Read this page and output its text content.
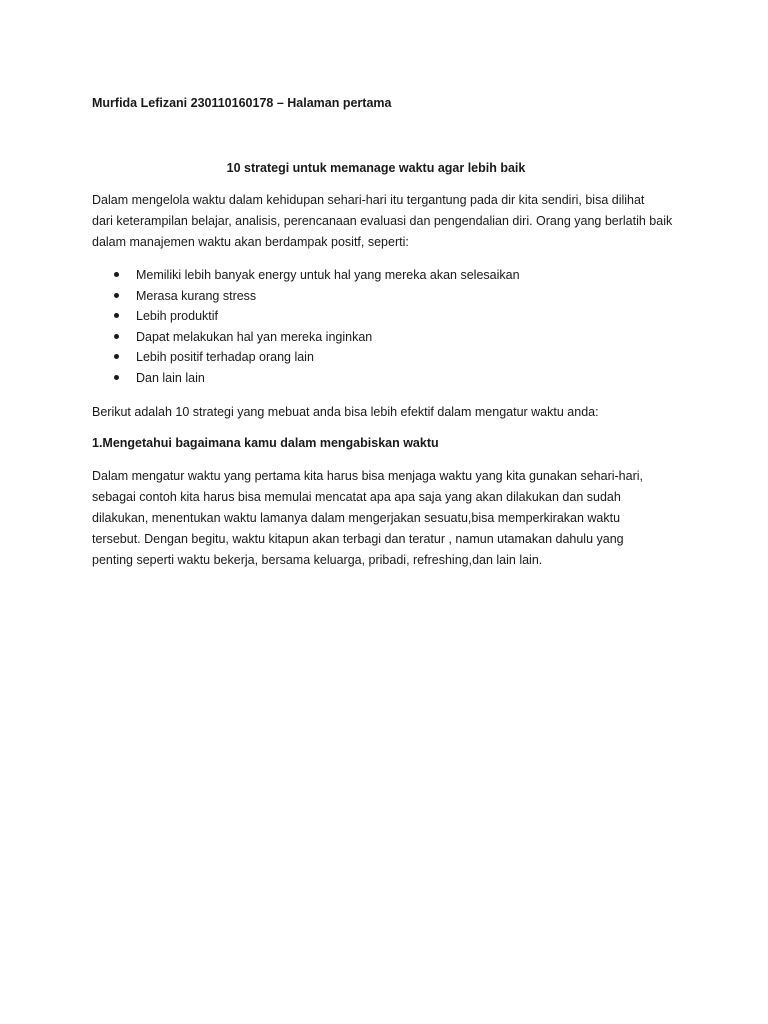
Murfida Lefizani 230110160178 – Halaman pertama

10 strategi untuk memanage waktu agar lebih baik

Dalam mengelola waktu dalam kehidupan sehari-hari itu tergantung pada dir kita sendiri, bisa dilihat
dari keterampilan belajar, analisis, perencanaan evaluasi dan pengendalian diri. Orang yang berlatih baik
dalam manajemen waktu akan berdampak positf, seperti:
Memiliki lebih banyak energy untuk hal yang mereka akan selesaikan
Merasa kurang stress
Lebih produktif
Dapat melakukan hal yan mereka inginkan
Lebih positif terhadap orang lain
Dan lain lain

Berikut adalah 10 strategi yang mebuat anda bisa lebih efektif dalam mengatur waktu anda:

1.Mengetahui bagaimana kamu dalam mengabiskan waktu

Dalam mengatur waktu yang pertama kita harus bisa menjaga waktu yang kita gunakan sehari-hari,
sebagai contoh kita harus bisa memulai mencatat apa apa saja yang akan dilakukan dan sudah
dilakukan, menentukan waktu lamanya dalam mengerjakan sesuatu,bisa memperkirakan waktu
tersebut. Dengan begitu, waktu kitapun akan terbagi dan teratur , namun utamakan dahulu yang
penting seperti waktu bekerja, bersama keluarga, pribadi, refreshing,dan lain lain.
